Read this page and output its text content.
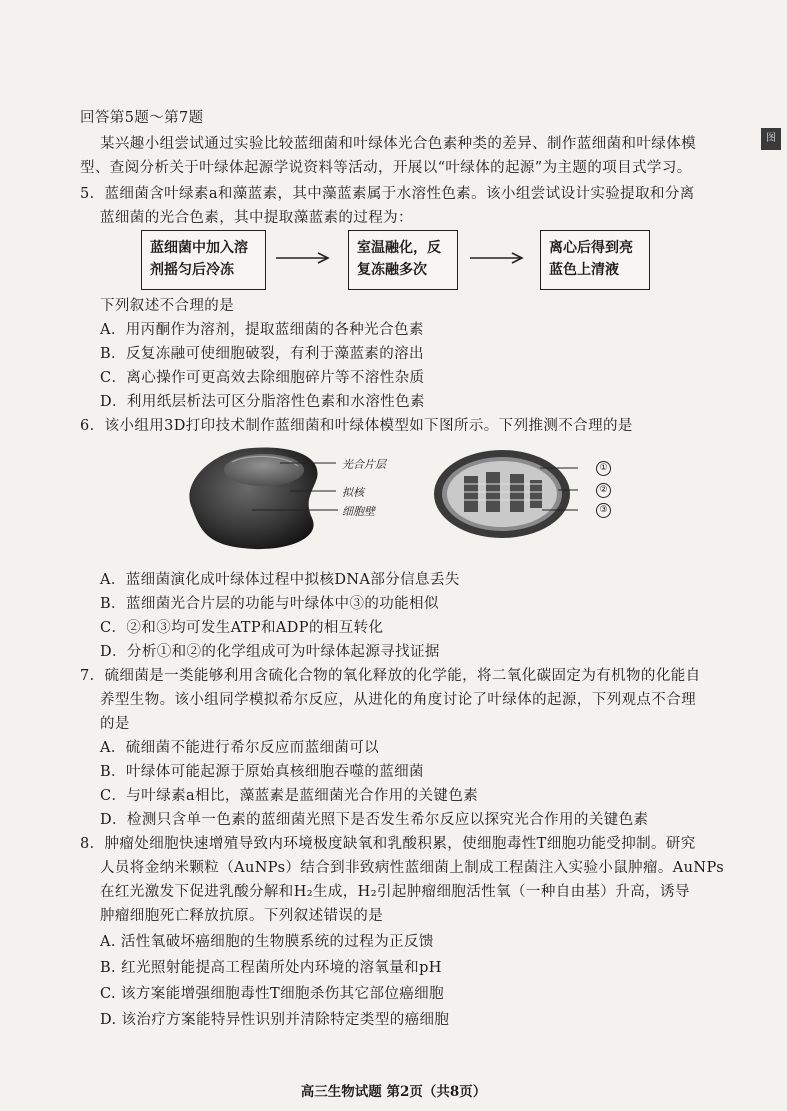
图
回答第5题～第7题
某兴趣小组尝试通过实验比较蓝细菌和叶绿体光合色素种类的差异、制作蓝细菌和叶绿体模
型、查阅分析关于叶绿体起源学说资料等活动，开展以“叶绿体的起源”为主题的项目式学习。
5．蓝细菌含叶绿素a和藻蓝素，其中藻蓝素属于水溶性色素。该小组尝试设计实验提取和分离
蓝细菌的光合色素，其中提取藻蓝素的过程为：
蓝细菌中加入溶
剂摇匀后冷冻
室温融化，反
复冻融多次
离心后得到亮
蓝色上清液
下列叙述不合理的是
A．用丙酮作为溶剂，提取蓝细菌的各种光合色素
B．反复冻融可使细胞破裂，有利于藻蓝素的溶出
C．离心操作可更高效去除细胞碎片等不溶性杂质
D．利用纸层析法可区分脂溶性色素和水溶性色素
6．该小组用3D打印技术制作蓝细菌和叶绿体模型如下图所示。下列推测不合理的是
光合片层
拟核
细胞壁
①
②
③
A．蓝细菌演化成叶绿体过程中拟核DNA部分信息丢失
B．蓝细菌光合片层的功能与叶绿体中③的功能相似
C．②和③均可发生ATP和ADP的相互转化
D．分析①和②的化学组成可为叶绿体起源寻找证据
7．硫细菌是一类能够利用含硫化合物的氧化释放的化学能，将二氧化碳固定为有机物的化能自
养型生物。该小组同学模拟希尔反应，从进化的角度讨论了叶绿体的起源，下列观点不合理
的是
A．硫细菌不能进行希尔反应而蓝细菌可以
B．叶绿体可能起源于原始真核细胞吞噬的蓝细菌
C．与叶绿素a相比，藻蓝素是蓝细菌光合作用的关键色素
D．检测只含单一色素的蓝细菌光照下是否发生希尔反应以探究光合作用的关键色素
8．肿瘤处细胞快速增殖导致内环境极度缺氧和乳酸积累，使细胞毒性T细胞功能受抑制。研究
人员将金纳米颗粒（AuNPs）结合到非致病性蓝细菌上制成工程菌注入实验小鼠肿瘤。AuNPs
在红光激发下促进乳酸分解和H₂生成，H₂引起肿瘤细胞活性氧（一种自由基）升高，诱导
肿瘤细胞死亡释放抗原。下列叙述错误的是
A. 活性氧破坏癌细胞的生物膜系统的过程为正反馈
B. 红光照射能提高工程菌所处内环境的溶氧量和pH
C. 该方案能增强细胞毒性T细胞杀伤其它部位癌细胞
D. 该治疗方案能特异性识别并清除特定类型的癌细胞
高三生物试题 第2页（共8页）
